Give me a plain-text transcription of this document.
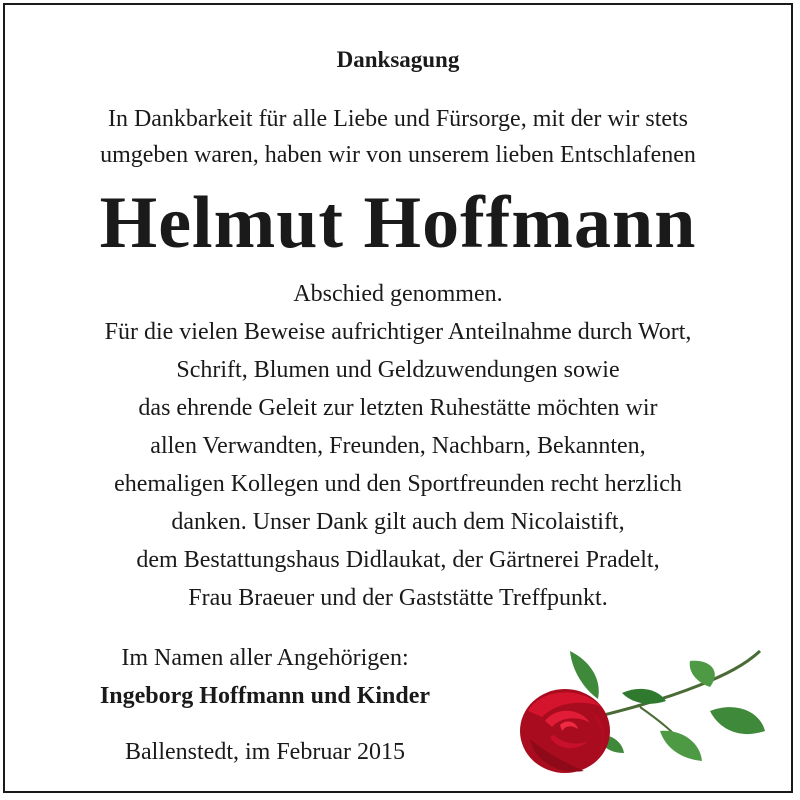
Danksagung
In Dankbarkeit für alle Liebe und Fürsorge, mit der wir stets
umgeben waren, haben wir von unserem lieben Entschlafenen
Helmut Hoffmann
Abschied genommen.
Für die vielen Beweise aufrichtiger Anteilnahme durch Wort,
Schrift, Blumen und Geldzuwendungen sowie
das ehrende Geleit zur letzten Ruhestätte möchten wir
allen Verwandten, Freunden, Nachbarn, Bekannten,
ehemaligen Kollegen und den Sportfreunden recht herzlich
danken. Unser Dank gilt auch dem Nicolaistift,
dem Bestattungshaus Didlaukat, der Gärtnerei Pradelt,
Frau Braeuer und der Gaststätte Treffpunkt.
Im Namen aller Angehörigen:
Ingeborg Hoffmann und Kinder
Ballenstedt, im Februar 2015
